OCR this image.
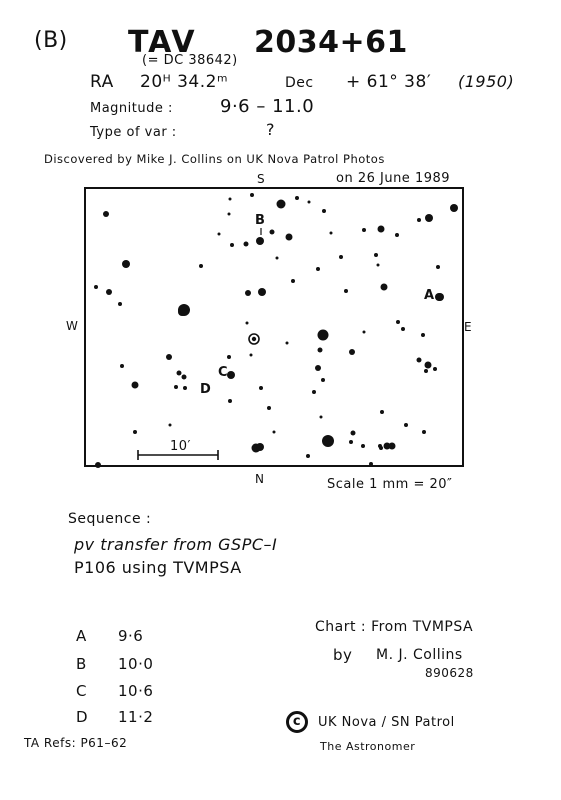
(B) TAV 2034+61
(= DC 38642)
RA 20ᴴ 34.2ᵐ	Dec + 61° 38′ (1950)
Magnitude :	9·6 – 11.0
Type of var :	?
Discovered by Mike J. Collins on UK Nova Patrol Photos
on 26 June 1989
S
N
W	E
A
B
C
D
10′
Scale 1 mm = 20″
Sequence :
pv transfer from GSPC–I
P106 using TVMPSA
A 9·6
B 10·0
C 10·6
D 11·2
Chart : From TVMPSA
by M. J. Collins
890628
c	UK Nova / SN Patrol
The Astronomer
TA Refs: P61–62
